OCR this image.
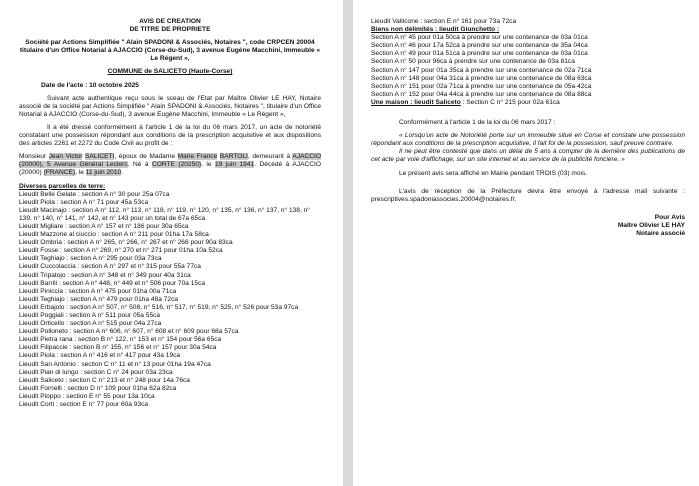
AVIS DE CREATION
DE TITRE DE PROPRIETE

Société par Actions Simplifiée " Alain SPADONI & Associés, Notaires ", code CRPCEN 20004 titulaire d'un Office Notarial à AJACCIO (Corse-du-Sud), 3 avenue Eugène Macchini, Immeuble « Le Régent »,

COMMUNE de SALICETO (Haute-Corse)

Date de l'acte : 10 octobre 2025

Suivant acte authentique reçu sous le sceau de l'Etat par Maître Olivier LE HAY, Notaire associé de la société par Actions Simplifiée " Alain SPADONI & Associés, Notaires ", titulaire d'un Office Notarial à AJACCIO (Corse-du-Sud), 3 avenue Eugène Macchini, Immeuble « Le Régent »,

Il a été dressé conformément à l'article 1 de la loi du 06 mars 2017, un acte de notoriété constatant une possession répondant aux conditions de la prescription acquisitive et aux dispositions des articles 2261 et 2272 du Code Civil au profit de :

Monsieur Jean Victor SALICETI, époux de Madame Marie France BARTOLI, demeurant à AJACCIO (20000), 5 Avenue Général Leclerc. Né à CORTE (20250), le 19 juin 1941. Décédé à AJACCIO (20000) (FRANCE), le 11 juin 2010.

Diverses parcelles de terre:

Lieudit Belle Gelate : section A n° 30 pour 25a 07ca

Lieudit Piola : section A n° 71 pour 45a 53ca

Lieudit Macinajo : section A n° 112, n° 113, n° 118, n° 119, n° 120, n° 135, n° 136, n° 137, n° 138, n° 139, n° 140, n° 141, n° 142, et n° 143 pour un total de 67a 65ca

Lieudit Migliare : section A n° 157 et n° 186 pour 30a 65ca

Lieudit Mazzone al ciuccio : section A n° 211 pour 01ha 17a 58ca

Lieudit Ombria : section A n° 265, n° 266, n° 267 et n° 268 pour 90a 83ca

Lieudit Fosse : section A n° 269, n° 270 et n° 271 pour 01ha 10a 52ca

Lieudit Teghiajo : section A n° 295 pour 03a 73ca

Lieudit Cuccolaccia : section A n° 297 et n° 315 pour 55a 77ca

Lieudit Tripatojo : section A n° 348 et n° 349 pour 40a 31ca

Lieudit Barrili : section A n° 448, n° 449 et n° 506 pour 70a 15ca

Lieudit Piniccia : section A n° 475 pour 01ha 00a 71ca

Lieudit Teghiajo : section A n° 479 pour 01ha 48a 72ca

Lieudit Erbajolo : section A n° 507, n° 508, n° 516, n° 517, n° 519, n° 525, n° 526 pour 53a 97ca

Lieudit Poggiali : section A n° 511 pour 05a 55ca

Lieudit Orticello : section A n° 515 pour 04a 27ca

Lieudit Polloneto : section A n° 606, n° 607, n° 608 et n° 609 pour 68a 57ca

Lieudit Pietra rana : section B n° 122, n° 153 et n° 154 pour 56a 65ca

Lieudit Filipaccie : section B n° 155, n° 156 et n° 157 pour 30a 54ca

Lieudit Piola : section A n° 416 et n° 417 pour 43a 19ca

Lieudit San Antonio : section C n° 11 et n° 13 pour 01ha 19a 47ca

Lieudit Pian di lungo : section C n° 24 pour 03a 23ca

Lieudit Saliceto : section C n° 213 et n° 248 pour 14a 76ca

Lieudit Fornelli : section D n° 109 pour 01ha 62a 82ca

Lieudit Pioppo : section E n° 55 pour 13a 10ca

Lieudit Corti : section E n° 77 pour 60a 93ca

Lieudit Vallicone : section E n° 161 pour 73a 72ca

Biens non délimités : lieudit Giunchetto :

Section A n° 45 pour 01a 50ca à prendre sur une contenance de 03a 01ca

Section A n° 46 pour 17a 52ca à prendre sur une contenance de 35a 04ca

Section A n° 49 pour 01a 51ca à prendre sur une contenance de 03a 01ca

Section A n° 50 pour 96ca à prendre sur une contenance de 03a 81ca

Section A n° 147 pour 01a 35ca à prendre sur une contenance de 02a 71ca

Section A n° 148 pour 04a 31ca à prendre sur une contenance de 08a 63ca

Section A n° 151 pour 02a 71ca à prendre sur une contenance de 05a 42ca

Section A n° 152 pour 04a 44ca à prendre sur une contenance de 08a 88ca

Une maison : lieudit Saliceto : Section C n° 215 pour 02a 61ca

Conformément à l'article 1 de la loi du 06 mars 2017 :

« Lorsqu'un acte de Notoriété porte sur un immeuble situé en Corse et constate une possession répondant aux conditions de la prescription acquisitive, il fait foi de la possession, sauf preuve contraire.

Il ne peut être contesté que dans un délai de 5 ans à compter de la dernière des publications de cet acte par voie d'affichage, sur un site internet et au service de la publicité foncière. »

Le présent avis sera affiché en Mairie pendant TROIS (03) mois.

L'avis de réception de la Préfecture devra être envoyé à l'adresse mail suivante : prescriptives.spadoniassocies.20004@notaires.fr.

Pour Avis

Maître Olivier LE HAY

Notaire associé
